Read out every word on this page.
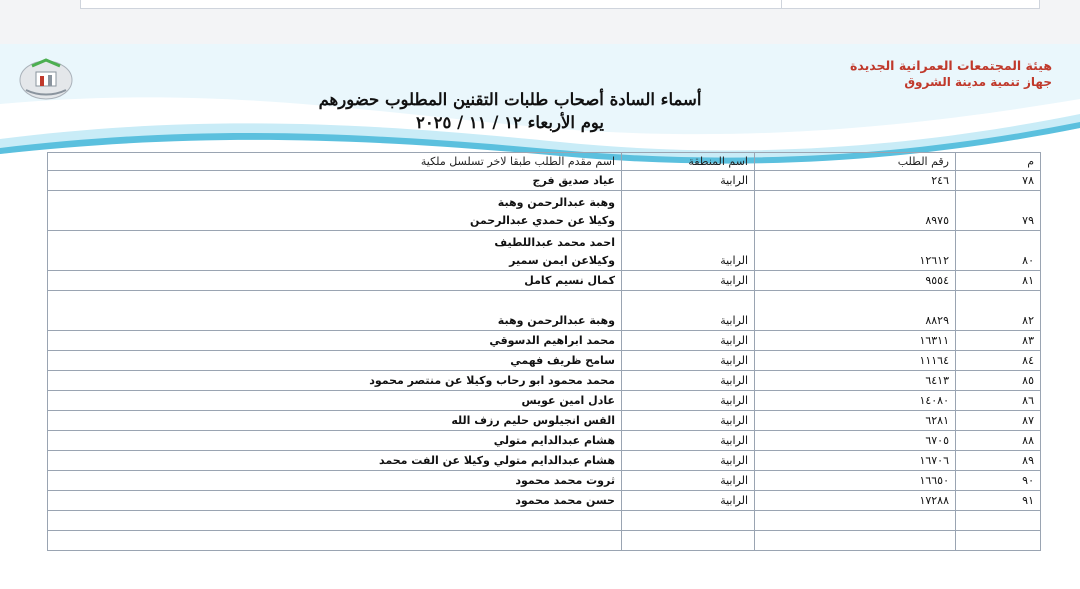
هيئة المجتمعات العمرانية الجديدة
جهاز تنمية مدينة الشروق
أسماء السادة أصحاب طلبات التقنين المطلوب حضورهم
يوم الأربعاء ١٢ / ١١ / ٢٠٢٥
م	رقم الطلب	اسم المنطقة	اسم مقدم الطلب طبقا لاخر تسلسل ملكية
٧٨	٢٤٦	الرابية	عياد صديق فرج

٧٩	٨٩٧٥		وهبة عبدالرحمن وهبة
وكيلا عن حمدي عبدالرحمن

٨٠	١٢٦١٢	الرابية	احمد محمد عبداللطيف
وكيلاعن ايمن سمير

٨١	٩٥٥٤	الرابية	كمال نسيم كامل

٨٢	٨٨٢٩	الرابية	وهبة عبدالرحمن وهبة

٨٣	١٦٣١١	الرابية	محمد ابراهيم الدسوقي

٨٤	١١١٦٤	الرابية	سامح ظريف فهمي

٨٥	٦٤١٣	الرابية	محمد محمود ابو رحاب وكيلا عن منتصر محمود

٨٦	١٤٠٨٠	الرابية	عادل امين عويس

٨٧	٦٢٨١	الرابية	القس انجيلوس حليم رزف الله

٨٨	٦٧٠٥	الرابية	هشام عبدالدايم متولي

٨٩	١٦٧٠٦	الرابية	هشام عبدالدايم متولي وكيلا عن الفت محمد

٩٠	١٦٦٥٠	الرابية	ثروت محمد محمود

٩١	١٧٢٨٨	الرابية	حسن محمد محمود
